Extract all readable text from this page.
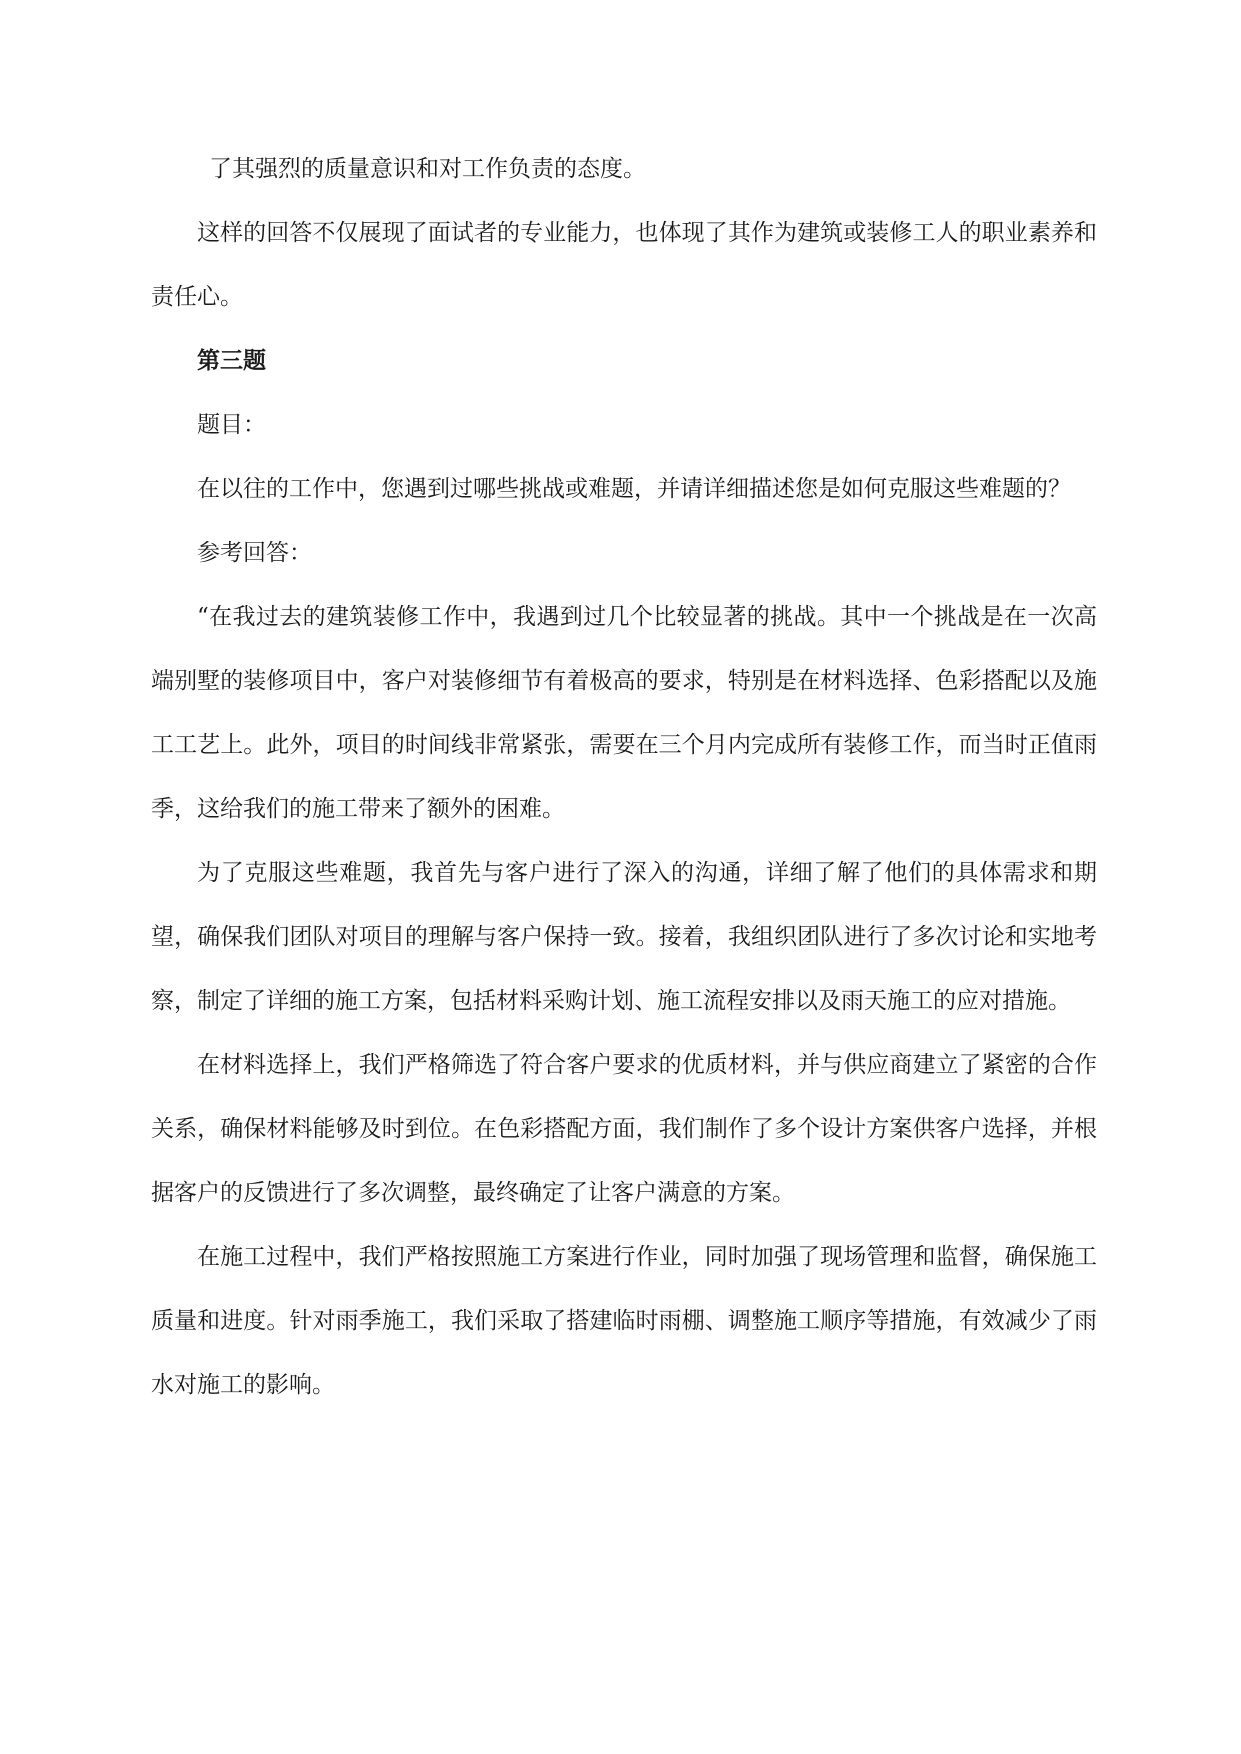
了其强烈的质量意识和对工作负责的态度。

这样的回答不仅展现了面试者的专业能力，也体现了其作为建筑或装修工人的职业素养和责任心。

第三题

题目：

在以往的工作中，您遇到过哪些挑战或难题，并请详细描述您是如何克服这些难题的？

参考回答：

“在我过去的建筑装修工作中，我遇到过几个比较显著的挑战。其中一个挑战是在一次高端别墅的装修项目中，客户对装修细节有着极高的要求，特别是在材料选择、色彩搭配以及施工工艺上。此外，项目的时间线非常紧张，需要在三个月内完成所有装修工作，而当时正值雨季，这给我们的施工带来了额外的困难。

为了克服这些难题，我首先与客户进行了深入的沟通，详细了解了他们的具体需求和期望，确保我们团队对项目的理解与客户保持一致。接着，我组织团队进行了多次讨论和实地考察，制定了详细的施工方案，包括材料采购计划、施工流程安排以及雨天施工的应对措施。

在材料选择上，我们严格筛选了符合客户要求的优质材料，并与供应商建立了紧密的合作关系，确保材料能够及时到位。在色彩搭配方面，我们制作了多个设计方案供客户选择，并根据客户的反馈进行了多次调整，最终确定了让客户满意的方案。

在施工过程中，我们严格按照施工方案进行作业，同时加强了现场管理和监督，确保施工质量和进度。针对雨季施工，我们采取了搭建临时雨棚、调整施工顺序等措施，有效减少了雨水对施工的影响。
